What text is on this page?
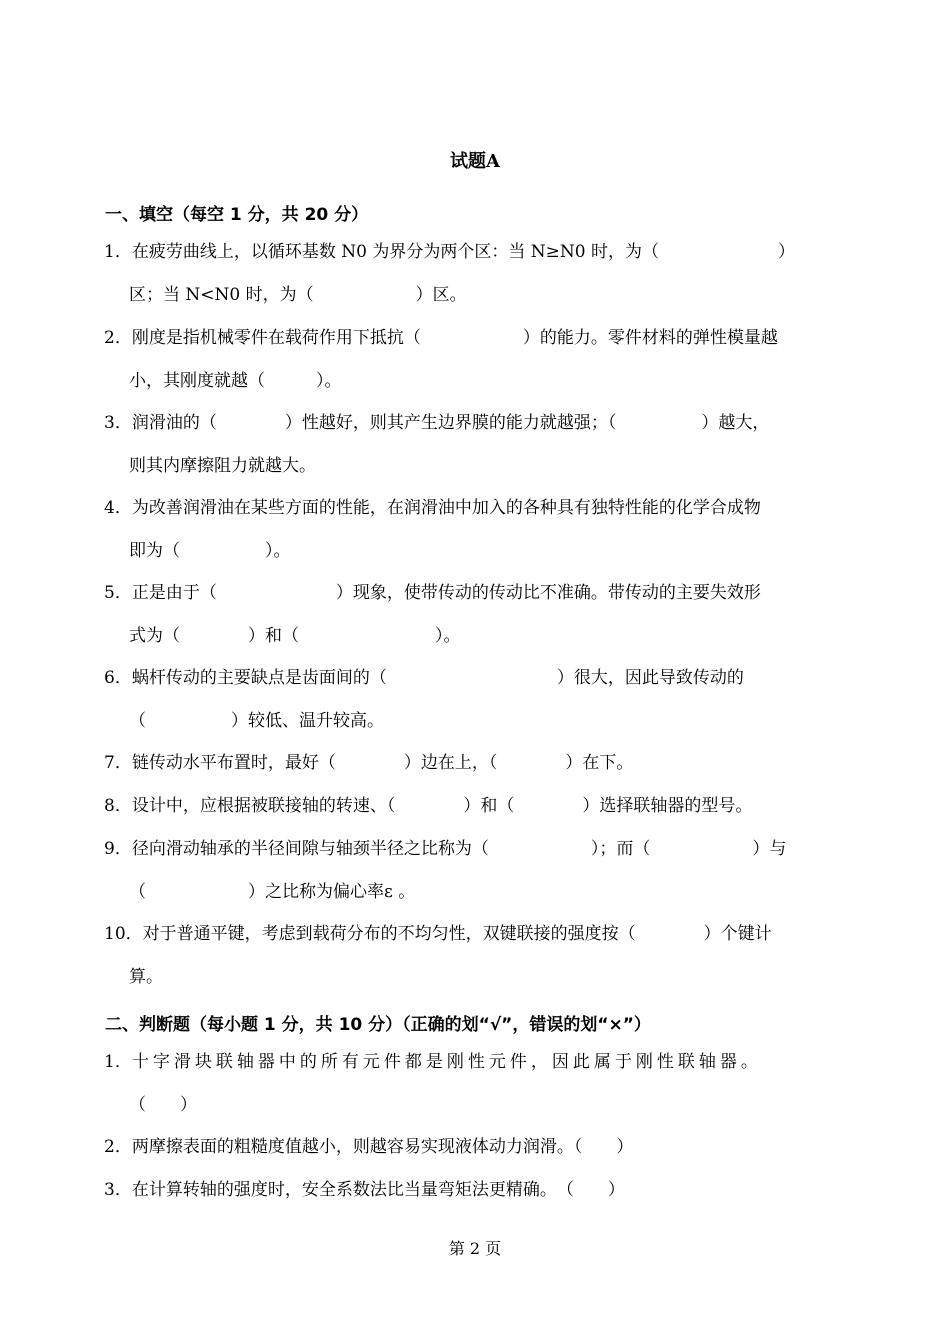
试题A
一、填空（每空 1 分，共 20 分）
1．在疲劳曲线上，以循环基数 N0 为界分为两个区：当 N≥N0 时，为（　　　　　　　）
区；当 N<N0 时，为（　　　　　　）区。
2．刚度是指机械零件在载荷作用下抵抗（　　　　　　）的能力。零件材料的弹性模量越
小，其刚度就越（　　　）。
3．润滑油的（　　　　）性越好，则其产生边界膜的能力就越强；（　　　　　）越大，
则其内摩擦阻力就越大。
4．为改善润滑油在某些方面的性能，在润滑油中加入的各种具有独特性能的化学合成物
即为（　　　　　）。
5．正是由于（　　　　　　　）现象，使带传动的传动比不准确。带传动的主要失效形
式为（　　　　）和（　　　　　　　　）。
6．蜗杆传动的主要缺点是齿面间的（　　　　　　　　　　）很大，因此导致传动的
（　　　　　）较低、温升较高。
7．链传动水平布置时，最好（　　　　）边在上，（　　　　）在下。
8．设计中，应根据被联接轴的转速、（　　　　）和（　　　　）选择联轴器的型号。
9．径向滑动轴承的半径间隙与轴颈半径之比称为（　　　　　　）；而（　　　　　　）与
（　　　　　　）之比称为偏心率ε 。
10．对于普通平键，考虑到载荷分布的不均匀性，双键联接的强度按（　　　　）个键计
算。
二、判断题（每小题 1 分，共 10 分）（正确的划“√”，错误的划“×”）
1．十字滑块联轴器中的所有元件都是刚性元件，因此属于刚性联轴器。
（　　）
2．两摩擦表面的粗糙度值越小，则越容易实现液体动力润滑。（　　）
3．在计算转轴的强度时，安全系数法比当量弯矩法更精确。　（　　）
第 2 页
